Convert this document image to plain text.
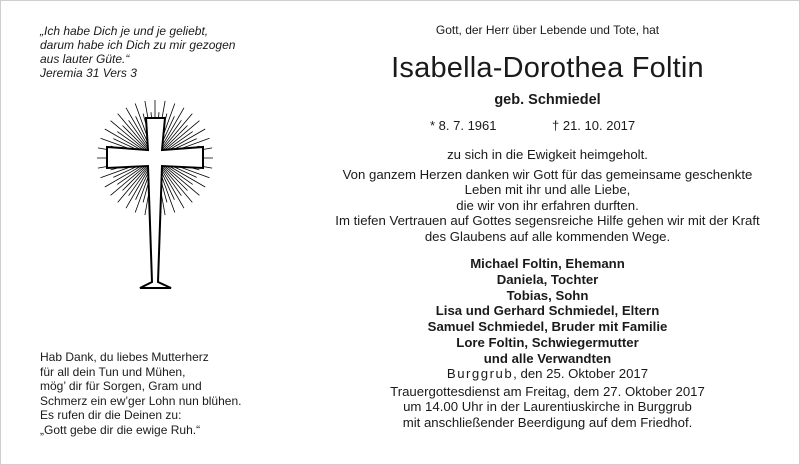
„Ich habe Dich je und je geliebt,
darum habe ich Dich zu mir gezogen
aus lauter Güte.“
Jeremia 31 Vers 3
Hab Dank, du liebes Mutterherz
für all dein Tun und Mühen,
mög’ dir für Sorgen, Gram und
Schmerz ein ew’ger Lohn nun blühen.
Es rufen dir die Deinen zu:
„Gott gebe dir die ewige Ruh.“
Gott, der Herr über Lebende und Tote, hat
Isabella-Dorothea Foltin
geb. Schmiedel
* 8. 7. 1961	† 21. 10. 2017
zu sich in die Ewigkeit heimgeholt.
Von ganzem Herzen danken wir Gott für das gemeinsame geschenkte
Leben mit ihr und alle Liebe,
die wir von ihr erfahren durften.
Im tiefen Vertrauen auf Gottes segensreiche Hilfe gehen wir mit der Kraft
des Glaubens auf alle kommenden Wege.
Michael Foltin, Ehemann
Daniela, Tochter
Tobias, Sohn
Lisa und Gerhard Schmiedel, Eltern
Samuel Schmiedel, Bruder mit Familie
Lore Foltin, Schwiegermutter
und alle Verwandten
Burggrub, den 25. Oktober 2017
Trauergottesdienst am Freitag, dem 27. Oktober 2017
um 14.00 Uhr in der Laurentiuskirche in Burggrub
mit anschließender Beerdigung auf dem Friedhof.
